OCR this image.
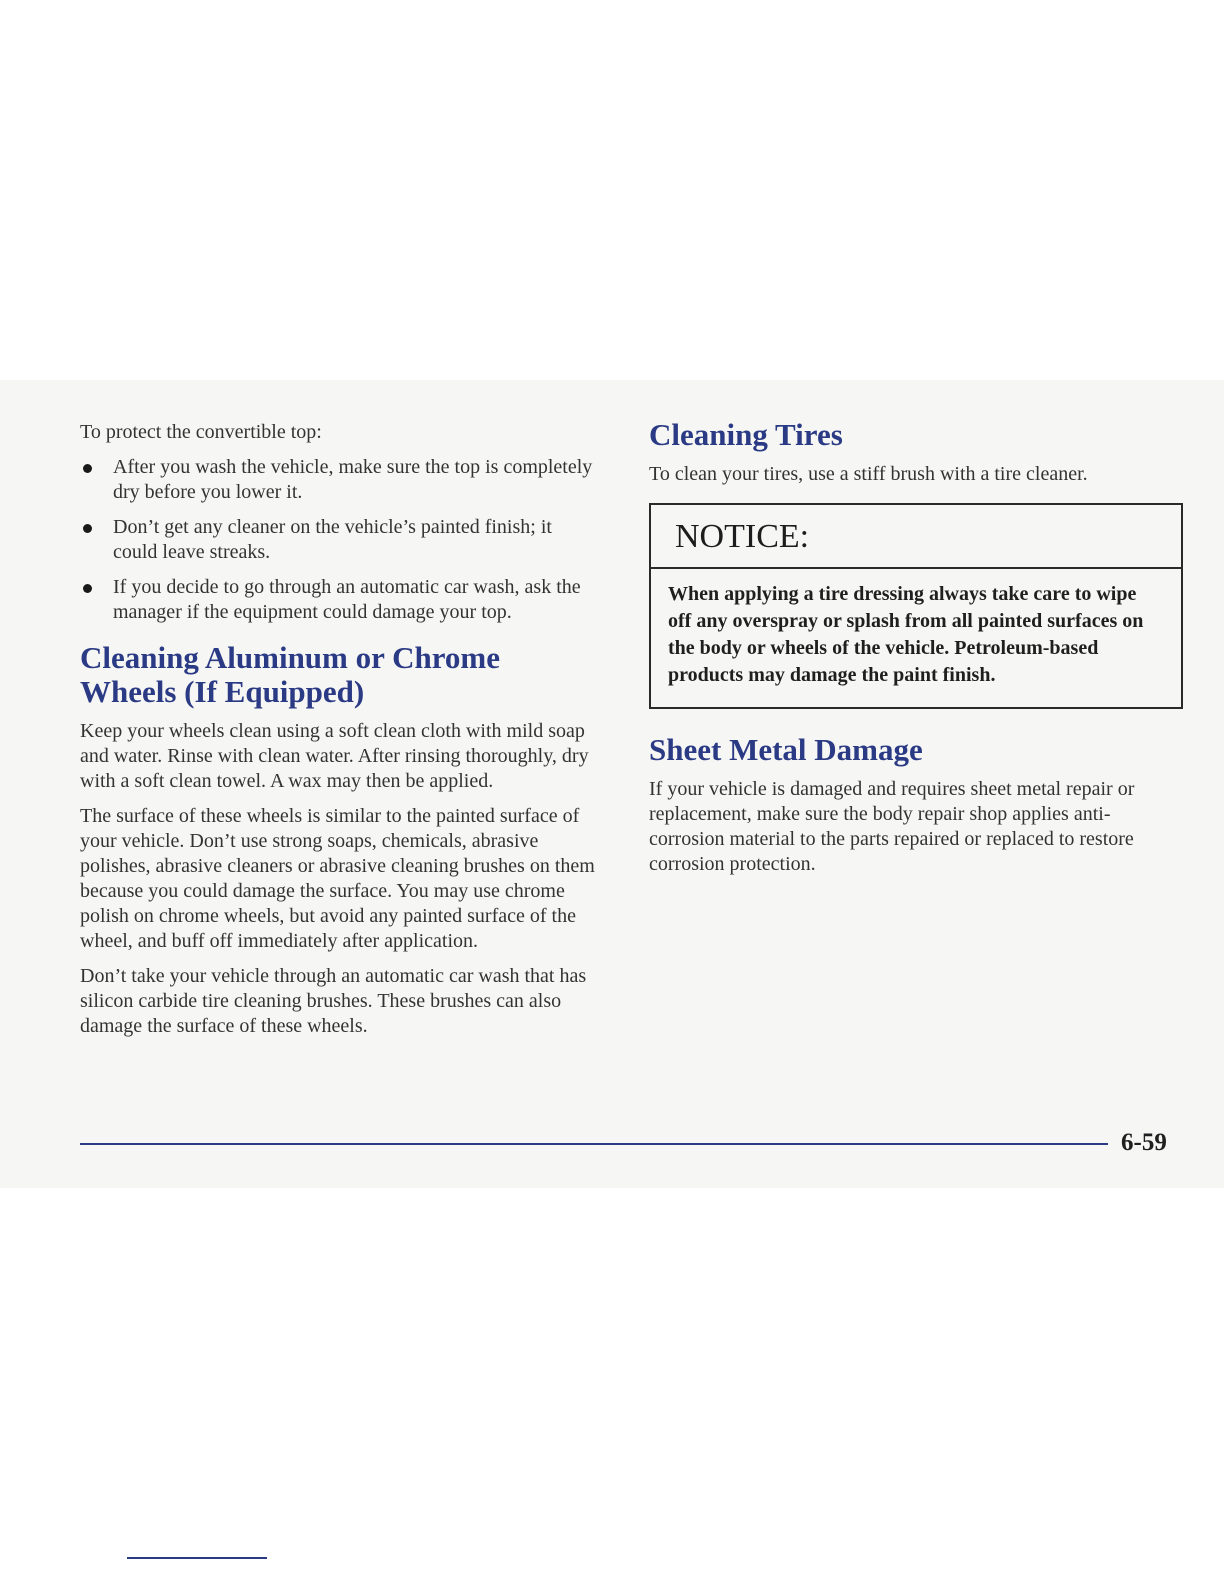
To protect the convertible top:

After you wash the vehicle, make sure the top is completely dry before you lower it.
Don’t get any cleaner on the vehicle’s painted finish; it could leave streaks.
If you decide to go through an automatic car wash, ask the manager if the equipment could damage your top.
Cleaning Aluminum or Chrome Wheels (If Equipped)

Keep your wheels clean using a soft clean cloth with mild soap and water. Rinse with clean water. After rinsing thoroughly, dry with a soft clean towel. A wax may then be applied.

The surface of these wheels is similar to the painted surface of your vehicle. Don’t use strong soaps, chemicals, abrasive polishes, abrasive cleaners or abrasive cleaning brushes on them because you could damage the surface. You may use chrome polish on chrome wheels, but avoid any painted surface of the wheel, and buff off immediately after application.

Don’t take your vehicle through an automatic car wash that has silicon carbide tire cleaning brushes. These brushes can also damage the surface of these wheels.

Cleaning Tires

To clean your tires, use a stiff brush with a tire cleaner.

NOTICE:
When applying a tire dressing always take care to wipe off any overspray or splash from all painted surfaces on the body or wheels of the vehicle. Petroleum-based products may damage the paint finish.
Sheet Metal Damage

If your vehicle is damaged and requires sheet metal repair or replacement, make sure the body repair shop applies anti-corrosion material to the parts repaired or replaced to restore corrosion protection.

6-59
